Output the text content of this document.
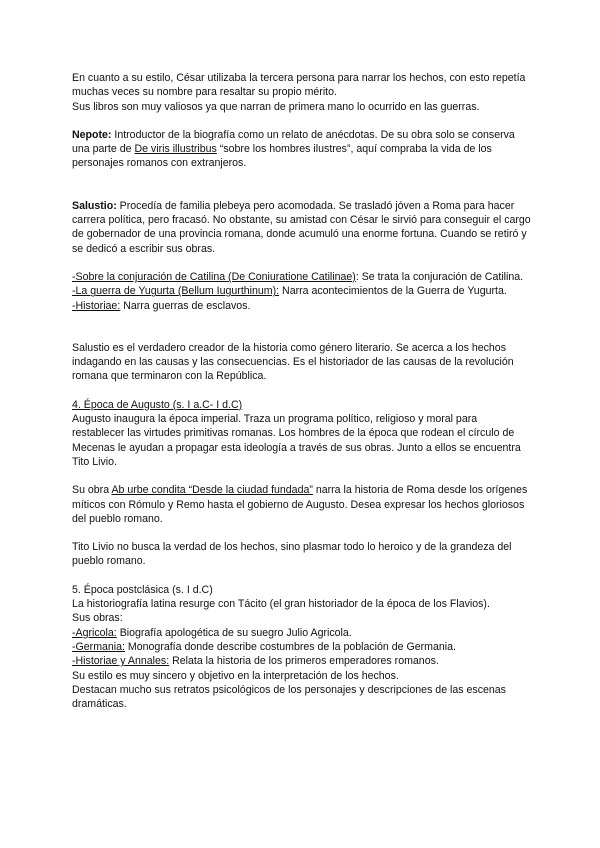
En cuanto a su estilo, César utilizaba la tercera persona para narrar los hechos, con esto repetía muchas veces su nombre para resaltar su propio mérito.

Sus libros son muy valiosos ya que narran de primera mano lo ocurrido en las guerras.

Nepote: Introductor de la biografía como un relato de anécdotas. De su obra solo se conserva una parte de De viris illustribus “sobre los hombres ilustres”, aquí compraba la vida de los personajes romanos con extranjeros.

Salustio: Procedía de familia plebeya pero acomodada. Se trasladó jóven a Roma para hacer carrera política, pero fracasó. No obstante, su amistad con César le sirvió para conseguir el cargo de gobernador de una provincia romana, donde acumuló una enorme fortuna. Cuando se retiró y se dedicó a escribir sus obras.

-Sobre la conjuración de Catilina (De Coniuratione Catilinae): Se trata la conjuración de Catilina.

-La guerra de Yugurta (Bellum Iugurthinum): Narra acontecimientos de la Guerra de Yugurta.

-Historiae: Narra guerras de esclavos.

Salustio es el verdadero creador de la historia como género literario. Se acerca a los hechos indagando en las causas y las consecuencias. Es el historiador de las causas de la revolución romana que terminaron con la República.

4. Época de Augusto (s. I a.C- I d.C)

Augusto inaugura la época imperial. Traza un programa político, religioso y moral para restablecer las virtudes primitivas romanas. Los hombres de la época que rodean el círculo de Mecenas le ayudan a propagar esta ideología a través de sus obras. Junto a ellos se encuentra Tito Livio.

Su obra Ab urbe condita “Desde la ciudad fundada” narra la historia de Roma desde los orígenes míticos con Rómulo y Remo hasta el gobierno de Augusto. Desea expresar los hechos gloriosos del pueblo romano.

Tito Livio no busca la verdad de los hechos, sino plasmar todo lo heroico y de la grandeza del pueblo romano.

5. Época postclásica (s. I d.C)

La historiografía latina resurge con Tácito (el gran historiador de la época de los Flavios).

Sus obras:

-Agricola: Biografía apologética de su suegro Julio Agricola.

-Germania: Monografía donde describe costumbres de la población de Germania.

-Historiae y Annales: Relata la historia de los primeros emperadores romanos.

Su estilo es muy sincero y objetivo en la interpretación de los hechos.

Destacan mucho sus retratos psicológicos de los personajes y descripciones de las escenas dramáticas.
